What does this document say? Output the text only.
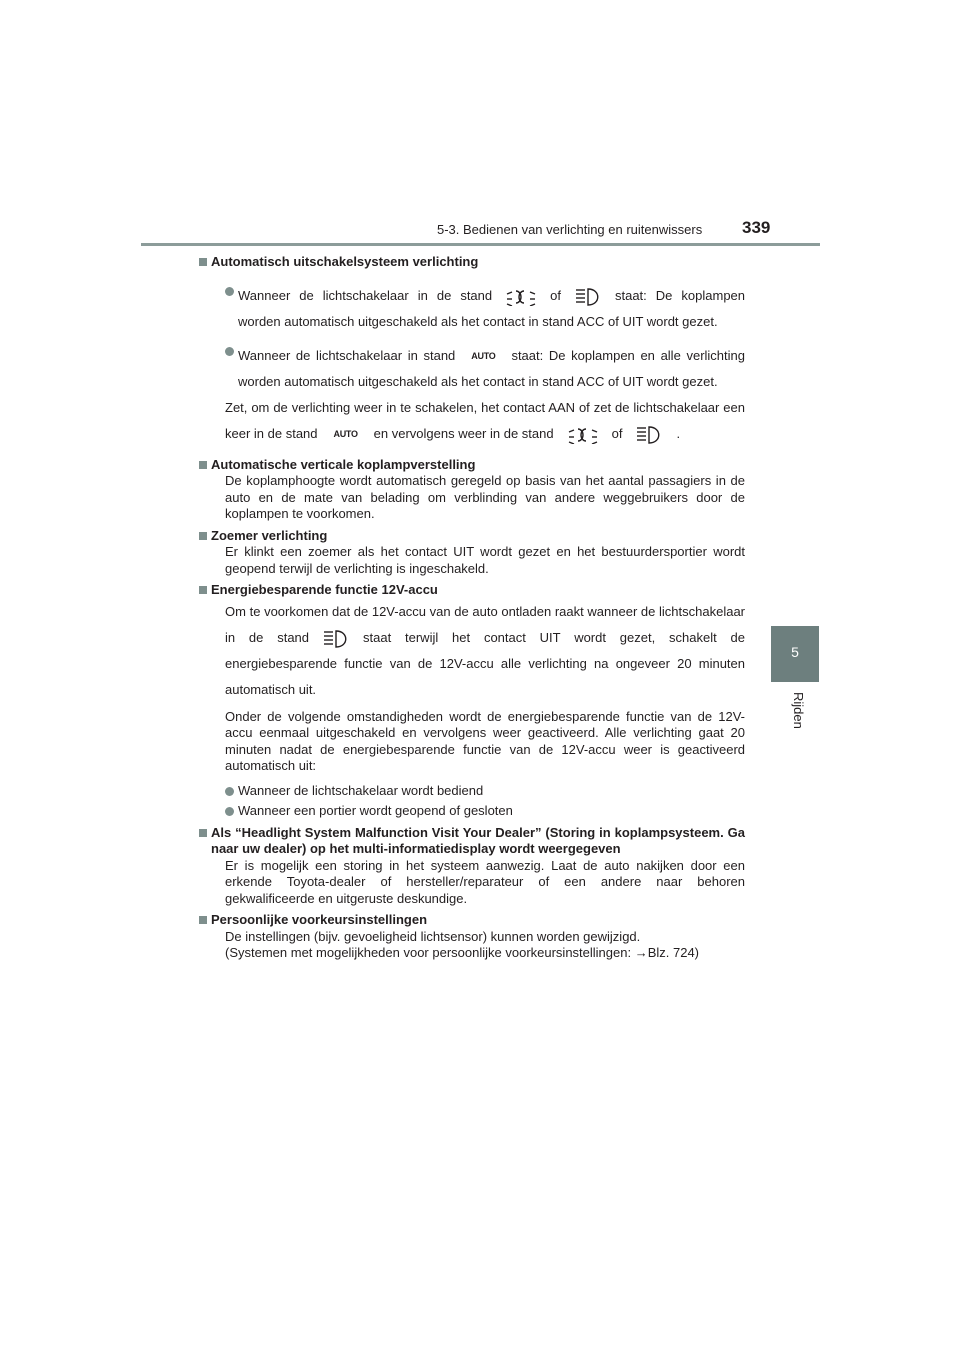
5-3. Bedienen van verlichting en ruitenwissers 339
5
Rijden
Automatisch uitschakelsysteem verlichting
Wanneer de lichtschakelaar in de stand	of	staat: De koplampen worden automatisch uitgeschakeld als het contact in stand ACC of UIT wordt gezet.
Wanneer de lichtschakelaar in stand AUTO staat: De koplampen en alle verlichting worden automatisch uitgeschakeld als het contact in stand ACC of UIT wordt gezet.
Zet, om de verlichting weer in te schakelen, het contact AAN of zet de lichtschakelaar een keer in de stand AUTO en vervolgens weer in de stand	of	.
Automatische verticale koplampverstelling
De koplamphoogte wordt automatisch geregeld op basis van het aantal passagiers in de auto en de mate van belading om verblinding van andere weggebruikers door de koplampen te voorkomen.
Zoemer verlichting
Er klinkt een zoemer als het contact UIT wordt gezet en het bestuurdersportier wordt geopend terwijl de verlichting is ingeschakeld.
Energiebesparende functie 12V-accu
Om te voorkomen dat de 12V-accu van de auto ontladen raakt wanneer de lichtschakelaar in de stand	staat terwijl het contact UIT wordt gezet, schakelt de energiebesparende functie van de 12V-accu alle verlichting na ongeveer 20 minuten automatisch uit.
Onder de volgende omstandigheden wordt de energiebesparende functie van de 12V-accu eenmaal uitgeschakeld en vervolgens weer geactiveerd. Alle verlichting gaat 20 minuten nadat de energiebesparende functie van de 12V-accu weer is geactiveerd automatisch uit:
Wanneer de lichtschakelaar wordt bediend
Wanneer een portier wordt geopend of gesloten
Als “Headlight System Malfunction Visit Your Dealer” (Storing in koplampsysteem. Ga naar uw dealer) op het multi-informatiedisplay wordt weergegeven
Er is mogelijk een storing in het systeem aanwezig. Laat de auto nakijken door een erkende Toyota-dealer of hersteller/reparateur of een andere naar behoren gekwalificeerde en uitgeruste deskundige.
Persoonlijke voorkeursinstellingen
De instellingen (bijv. gevoeligheid lichtsensor) kunnen worden gewijzigd.
(Systemen met mogelijkheden voor persoonlijke voorkeursinstellingen: →Blz. 724)
